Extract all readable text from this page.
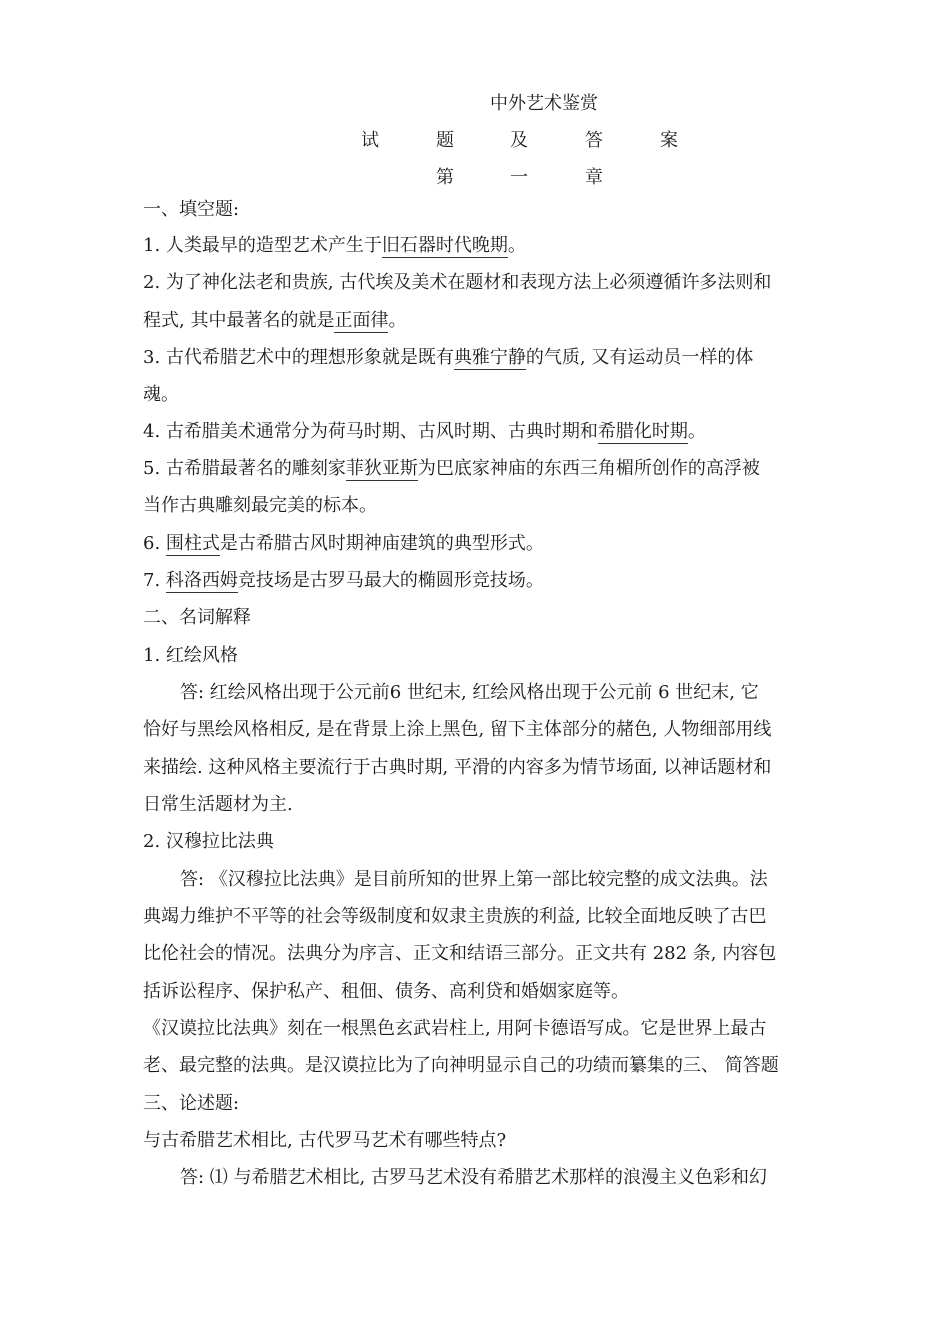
中外艺术鉴赏
试	题	及	答	案
第	一	章
一、填空题:
1. 人类最早的造型艺术产生于旧石器时代晚期。
2. 为了神化法老和贵族, 古代埃及美术在题材和表现方法上必须遵循许多法则和
程式, 其中最著名的就是正面律。
3. 古代希腊艺术中的理想形象就是既有典雅宁静的气质, 又有运动员一样的体
魂。
4. 古希腊美术通常分为荷马时期、古风时期、古典时期和希腊化时期。
5. 古希腊最著名的雕刻家菲狄亚斯为巴底家神庙的东西三角楣所创作的高浮被
当作古典雕刻最完美的标本。
6. 围柱式是古希腊古风时期神庙建筑的典型形式。
7. 科洛西姆竞技场是古罗马最大的椭圆形竞技场。
二、名词解释
1. 红绘风格
答: 红绘风格出现于公元前6 世纪末, 红绘风格出现于公元前 6 世纪末, 它
恰好与黑绘风格相反, 是在背景上涂上黑色, 留下主体部分的赭色, 人物细部用线
来描绘. 这种风格主要流行于古典时期, 平滑的内容多为情节场面, 以神话题材和
日常生活题材为主.
2. 汉穆拉比法典
答: 《汉穆拉比法典》是目前所知的世界上第一部比较完整的成文法典。法
典竭力维护不平等的社会等级制度和奴隶主贵族的利益, 比较全面地反映了古巴
比伦社会的情况。法典分为序言、正文和结语三部分。正文共有 282 条, 内容包
括诉讼程序、保护私产、租佃、债务、高利贷和婚姻家庭等。
《汉谟拉比法典》刻在一根黑色玄武岩柱上, 用阿卡德语写成。它是世界上最古
老、最完整的法典。是汉谟拉比为了向神明显示自己的功绩而纂集的三、 简答题
三、论述题:
与古希腊艺术相比, 古代罗马艺术有哪些特点?
答: ⑴ 与希腊艺术相比, 古罗马艺术没有希腊艺术那样的浪漫主义色彩和幻
